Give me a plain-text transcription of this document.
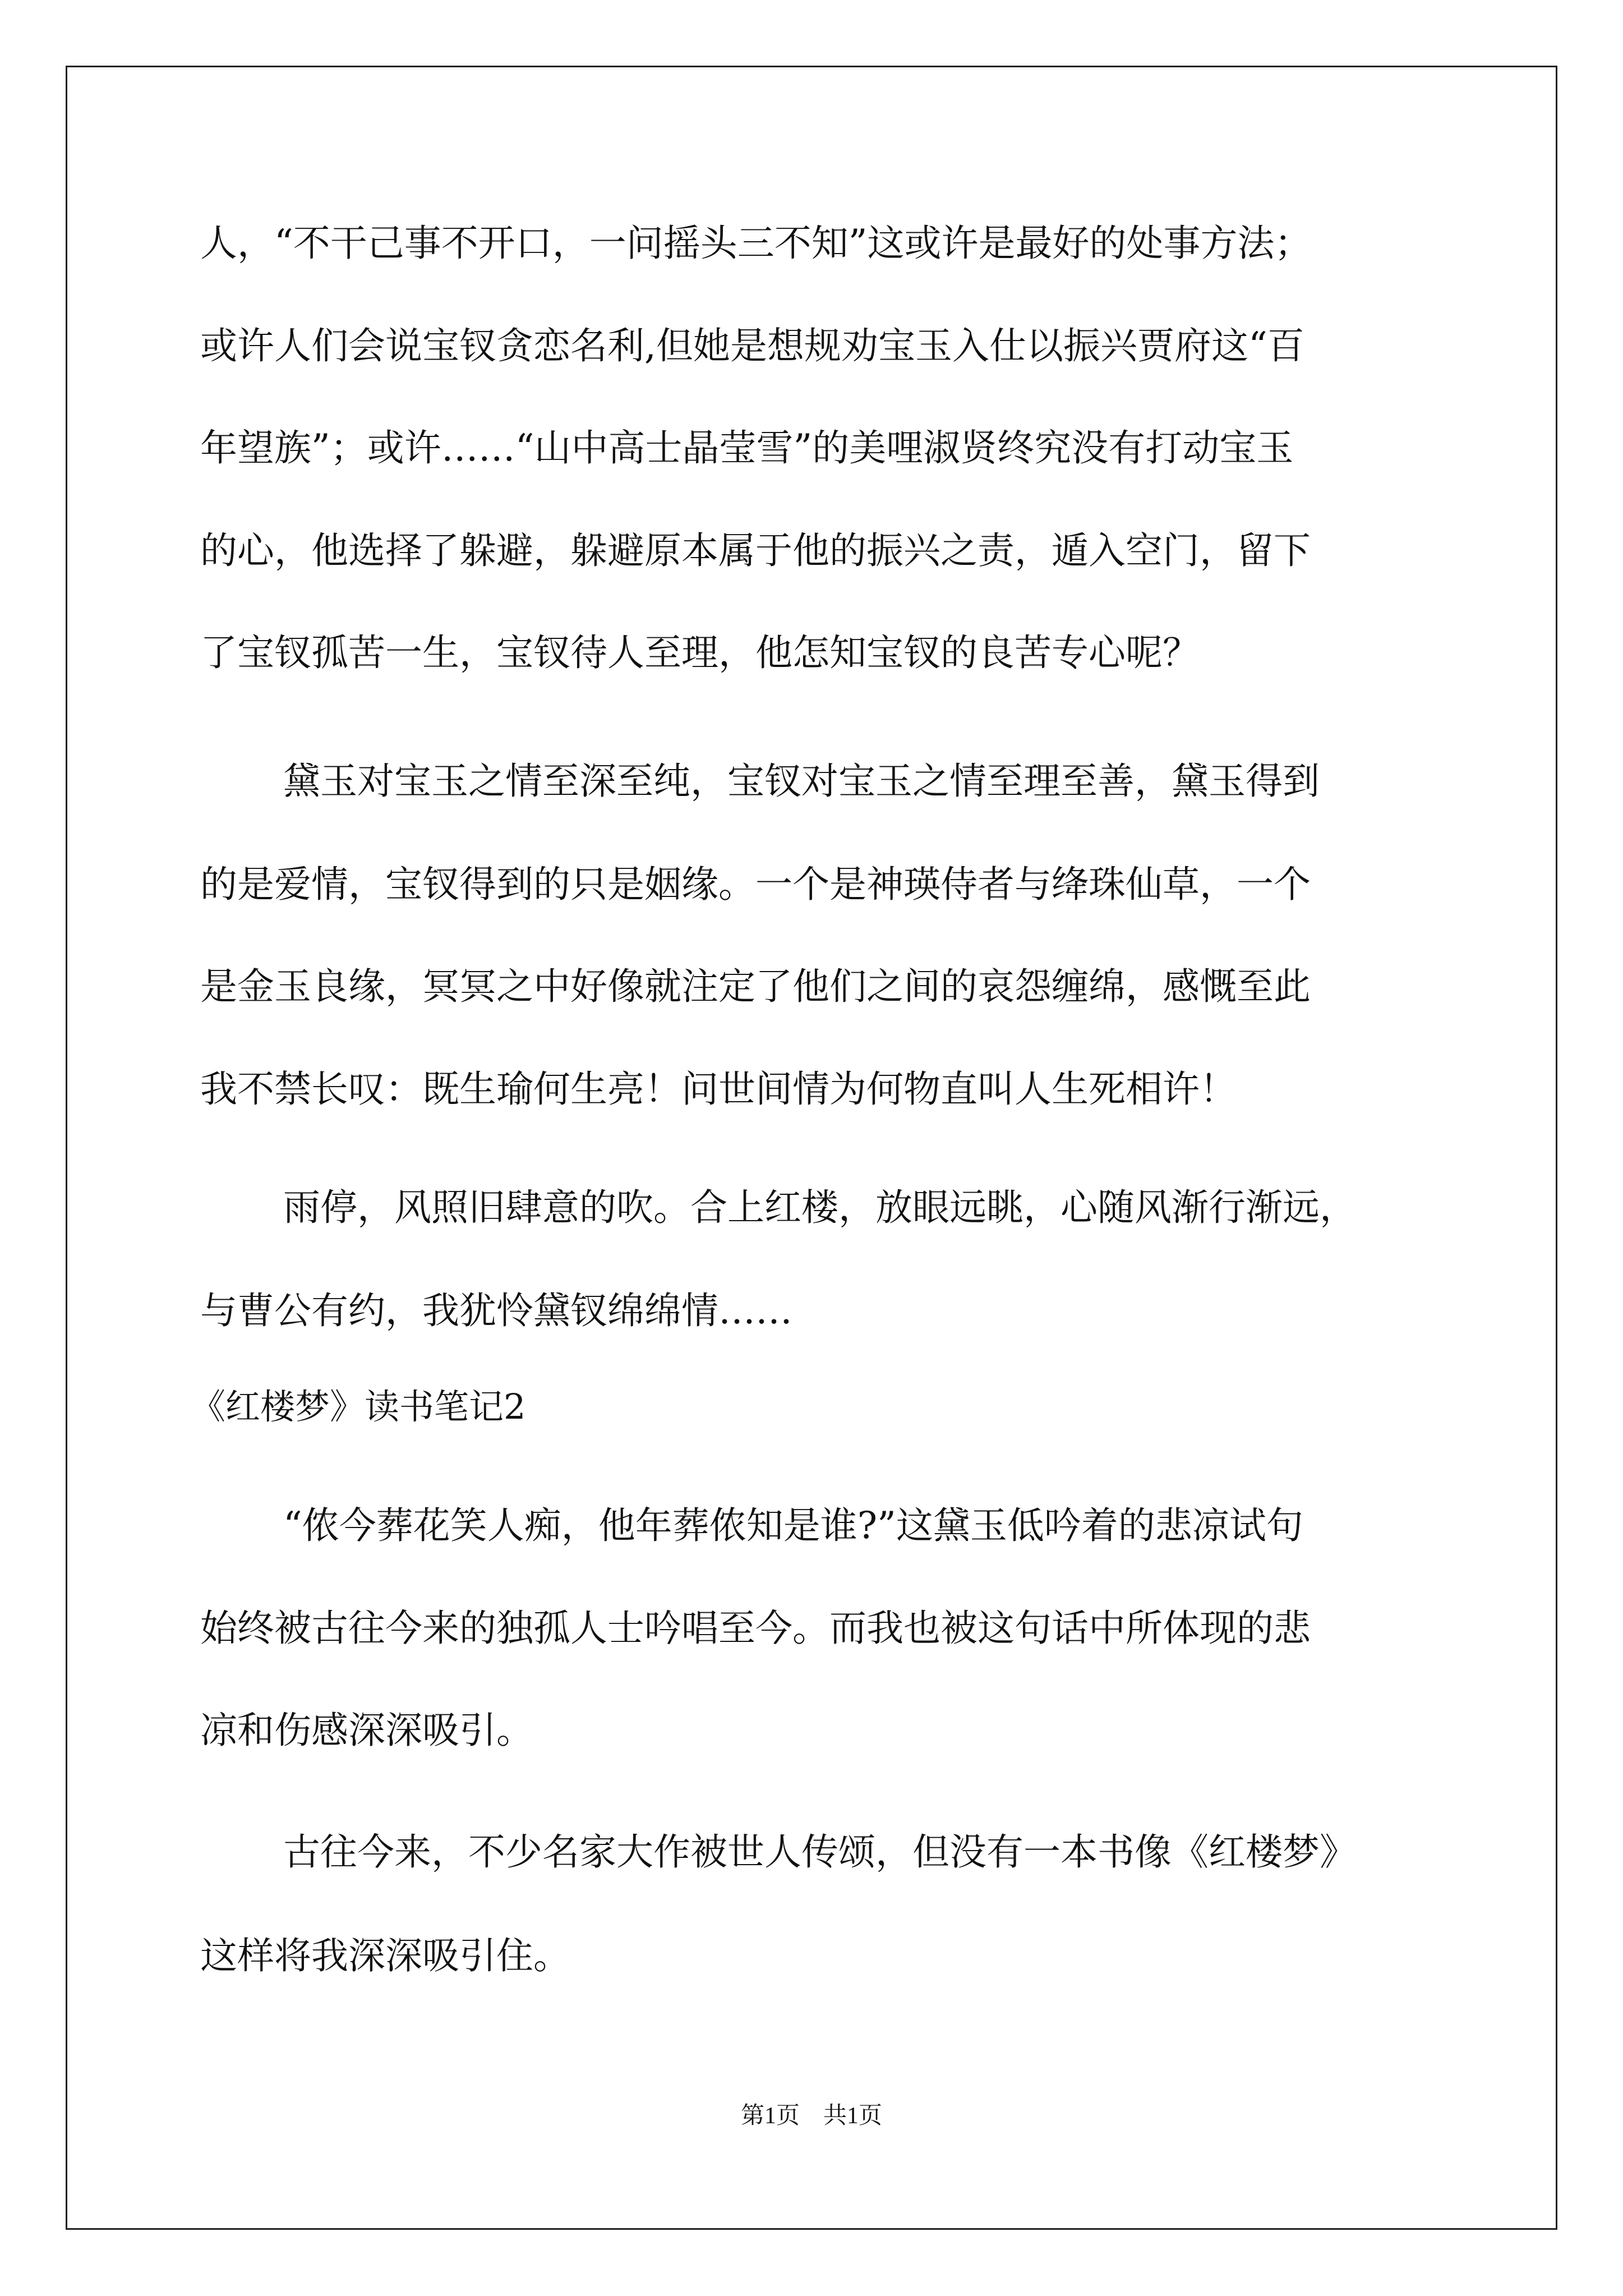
人，“不干己事不开口，一问摇头三不知”这或许是最好的处事方法；
或许人们会说宝钗贪恋名利,但她是想规劝宝玉入仕以振兴贾府这“百
年望族”；或许……“山中高士晶莹雪”的美哩淑贤终究没有打动宝玉
的心，他选择了躲避，躲避原本属于他的振兴之责，遁入空门，留下
了宝钗孤苦一生，宝钗待人至理，他怎知宝钗的良苦专心呢？
黛玉对宝玉之情至深至纯，宝钗对宝玉之情至理至善，黛玉得到
的是爱情，宝钗得到的只是姻缘。一个是神瑛侍者与绛珠仙草，一个
是金玉良缘，冥冥之中好像就注定了他们之间的哀怨缠绵，感慨至此
我不禁长叹：既生瑜何生亮！问世间情为何物直叫人生死相许！
雨停，风照旧肆意的吹。合上红楼，放眼远眺，心随风渐行渐远，
与曹公有约，我犹怜黛钗绵绵情……
《红楼梦》读书笔记2
“侬今葬花笑人痴，他年葬侬知是谁?”这黛玉低吟着的悲凉试句
始终被古往今来的独孤人士吟唱至今。而我也被这句话中所体现的悲
凉和伤感深深吸引。
古往今来，不少名家大作被世人传颂，但没有一本书像《红楼梦》
这样将我深深吸引住。
第1页　共1页
